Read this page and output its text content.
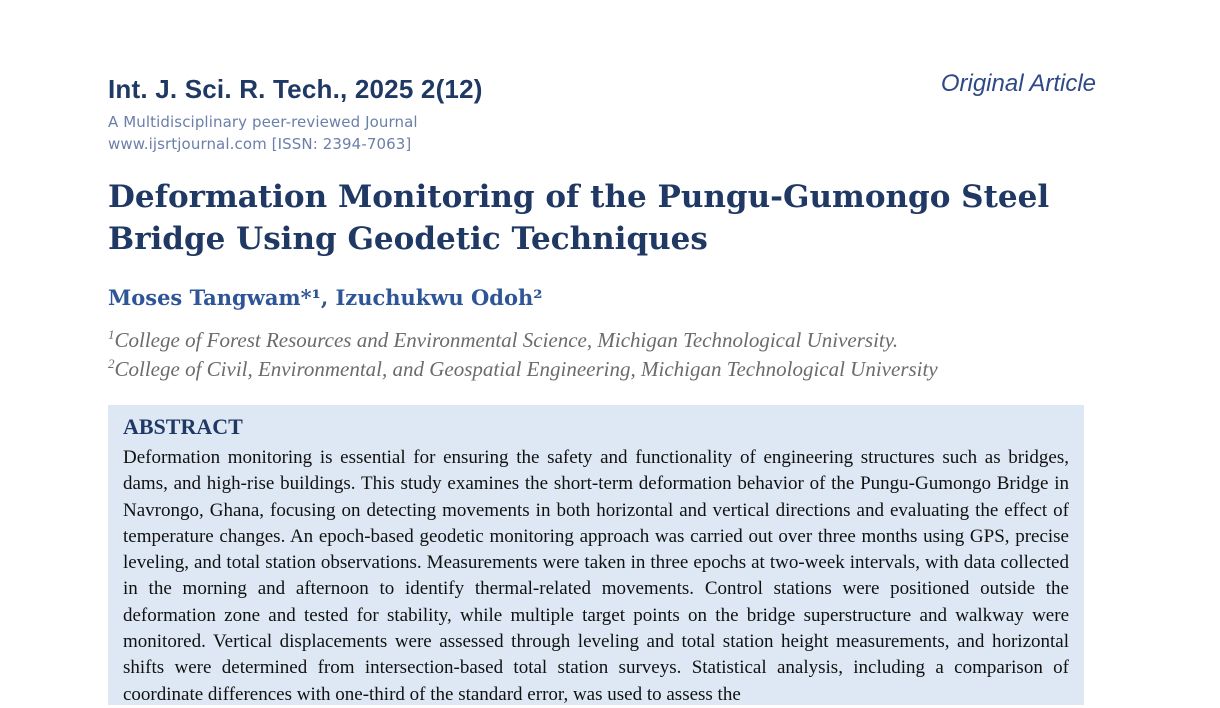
Int. J. Sci. R. Tech., 2025 2(12)	Original Article
A Multidisciplinary peer-reviewed Journal
www.ijsrtjournal.com [ISSN: 2394-7063]
Deformation Monitoring of the Pungu-Gumongo Steel Bridge Using Geodetic Techniques
Moses Tangwam*¹, Izuchukwu Odoh²
$^1$College of Forest Resources and Environmental Science, Michigan Technological University.
$^2$College of Civil, Environmental, and Geospatial Engineering, Michigan Technological University
ABSTRACT

Deformation monitoring is essential for ensuring the safety and functionality of engineering structures such as bridges, dams, and high-rise buildings. This study examines the short-term deformation behavior of the Pungu-Gumongo Bridge in Navrongo, Ghana, focusing on detecting movements in both horizontal and vertical directions and evaluating the effect of temperature changes. An epoch-based geodetic monitoring approach was carried out over three months using GPS, precise leveling, and total station observations. Measurements were taken in three epochs at two-week intervals, with data collected in the morning and afternoon to identify thermal-related movements. Control stations were positioned outside the deformation zone and tested for stability, while multiple target points on the bridge superstructure and walkway were monitored. Vertical displacements were assessed through leveling and total station height measurements, and horizontal shifts were determined from intersection-based total station surveys. Statistical analysis, including a comparison of coordinate differences with one-third of the standard error, was used to assess the
